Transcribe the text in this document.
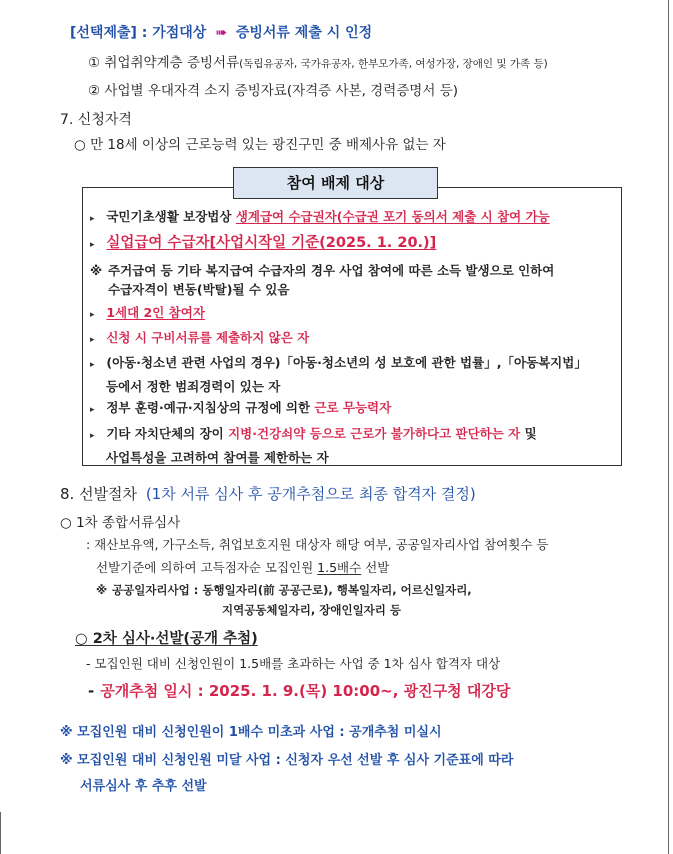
[선택제출] : 가점대상 ➠ 증빙서류 제출 시 인정
① 취업취약계층 증빙서류(독립유공자, 국가유공자, 한부모가족, 여성가장, 장애인 및 가족 등)
② 사업별 우대자격 소지 증빙자료(자격증 사본, 경력증명서 등)
7. 신청자격
○ 만 18세 이상의 근로능력 있는 광진구민 중 배제사유 없는 자
참여 배제 대상
▸ 국민기초생활 보장법상 생계급여 수급권자(수급권 포기 동의서 제출 시 참여 가능
▸ 실업급여 수급자[사업시작일 기준(2025. 1. 20.)]
※ 주거급여 등 기타 복지급여 수급자의 경우 사업 참여에 따른 소득 발생으로 인하여
수급자격이 변동(박탈)될 수 있음
▸ 1세대 2인 참여자
▸ 신청 시 구비서류를 제출하지 않은 자
▸ (아동·청소년 관련 사업의 경우)「아동·청소년의 성 보호에 관한 법률」,「아동복지법」
등에서 정한 범죄경력이 있는 자
▸ 정부 훈령·예규·지침상의 규정에 의한 근로 무능력자
▸ 기타 자치단체의 장이 지병·건강쇠약 등으로 근로가 불가하다고 판단하는 자 및
사업특성을 고려하여 참여를 제한하는 자
8. 선발절차 (1차 서류 심사 후 공개추첨으로 최종 합격자 결정)
○ 1차 종합서류심사
: 재산보유액, 가구소득, 취업보호지원 대상자 해당 여부, 공공일자리사업 참여횟수 등
선발기준에 의하여 고득점자순 모집인원 1.5배수 선발
※ 공공일자리사업 : 동행일자리(前 공공근로), 행복일자리, 어르신일자리,
지역공동체일자리, 장애인일자리 등
○ 2차 심사·선발(공개 추첨)
- 모집인원 대비 신청인원이 1.5배를 초과하는 사업 중 1차 심사 합격자 대상
- 공개추첨 일시 : 2025. 1. 9.(목) 10:00~, 광진구청 대강당
※ 모집인원 대비 신청인원이 1배수 미초과 사업 : 공개추첨 미실시
※ 모집인원 대비 신청인원 미달 사업 : 신청자 우선 선발 후 심사 기준표에 따라
서류심사 후 추후 선발
